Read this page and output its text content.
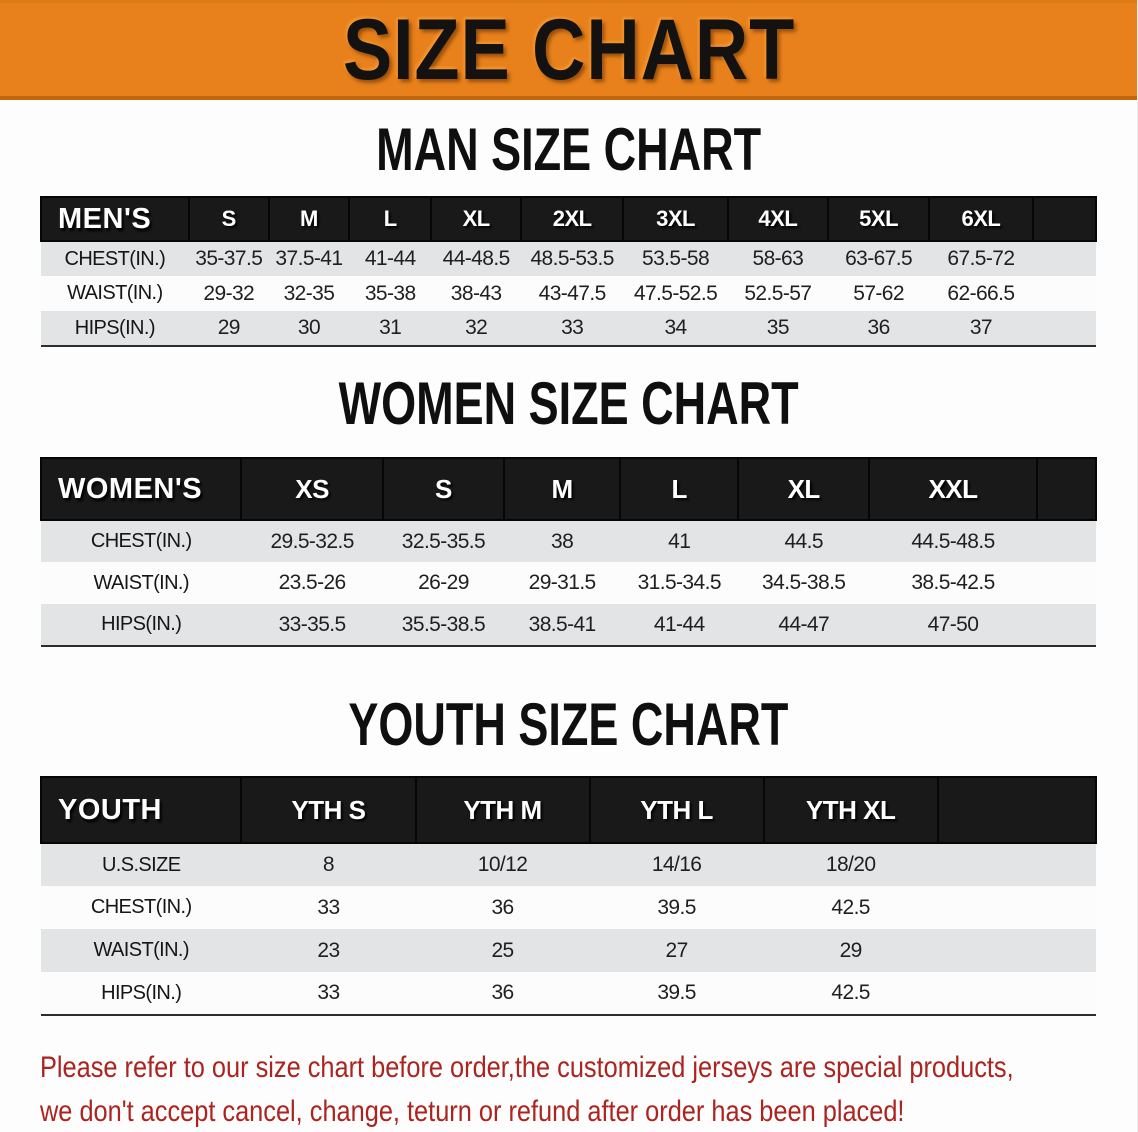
SIZE CHART
MAN SIZE CHART
MEN'S	S	M	L	XL	2XL	3XL	4XL	5XL	6XL	
CHEST(IN.)	35-37.5	37.5-41	41-44	44-48.5	48.5-53.5	53.5-58	58-63	63-67.5	67.5-72	
WAIST(IN.)	29-32	32-35	35-38	38-43	43-47.5	47.5-52.5	52.5-57	57-62	62-66.5	
HIPS(IN.)	29	30	31	32	33	34	35	36	37	
WOMEN SIZE CHART
WOMEN'S	XS	S	M	L	XL	XXL	
CHEST(IN.)	29.5-32.5	32.5-35.5	38	41	44.5	44.5-48.5	
WAIST(IN.)	23.5-26	26-29	29-31.5	31.5-34.5	34.5-38.5	38.5-42.5	
HIPS(IN.)	33-35.5	35.5-38.5	38.5-41	41-44	44-47	47-50	
YOUTH SIZE CHART
YOUTH	YTH S	YTH M	YTH L	YTH XL	
U.S.SIZE	8	10/12	14/16	18/20	
CHEST(IN.)	33	36	39.5	42.5	
WAIST(IN.)	23	25	27	29	
HIPS(IN.)	33	36	39.5	42.5	

Please refer to our size chart before order,the customized jerseys are special products,
we don't accept cancel, change, teturn or refund after order has been placed!
